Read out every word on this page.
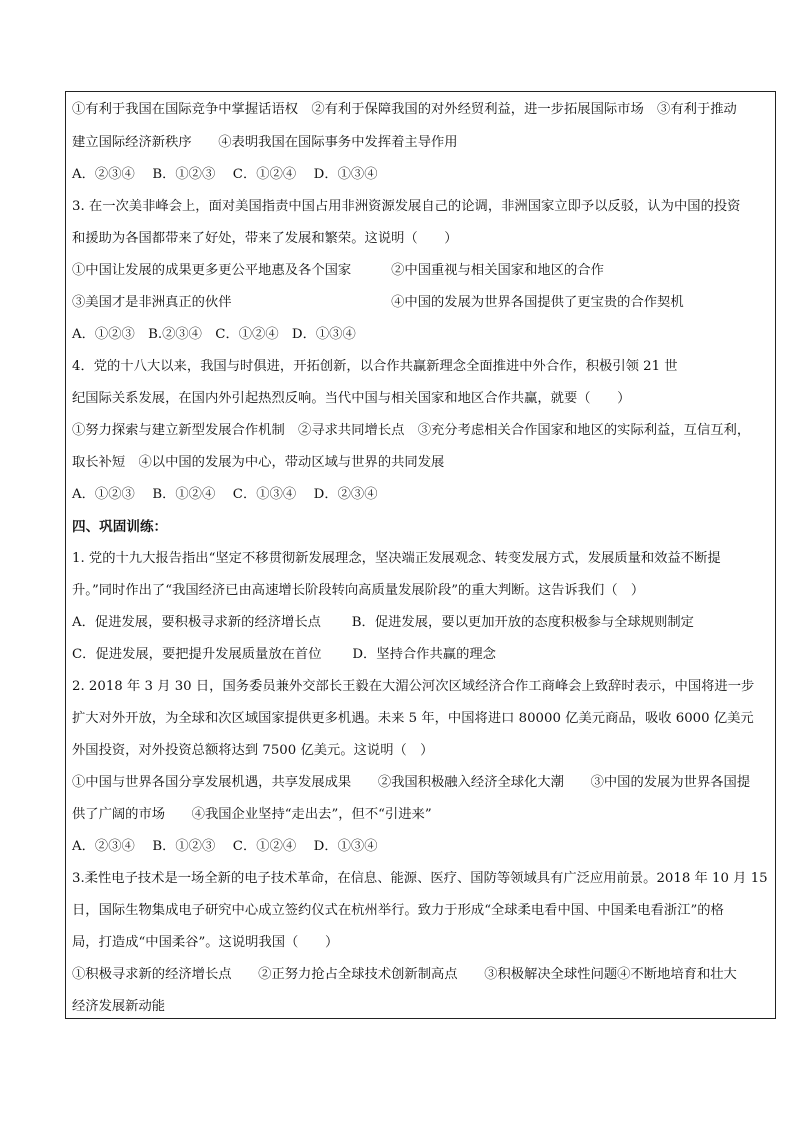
①有利于我国在国际竞争中掌握话语权　②有利于保障我国的对外经贸利益，进一步拓展国际市场　③有利于推动
建立国际经济新秩序　　④表明我国在国际事务中发挥着主导作用
A．②③④　 B．①②③　 C．①②④　 D．①③④
3. 在一次美非峰会上，面对美国指责中国占用非洲资源发展自己的论调，非洲国家立即予以反驳，认为中国的投资
和援助为各国都带来了好处，带来了发展和繁荣。这说明（　　）
①中国让发展的成果更多更公平地惠及各个国家　　　②中国重视与相关国家和地区的合作
③美国才是非洲真正的伙伴　　　　　　　　　　　　④中国的发展为世界各国提供了更宝贵的合作契机
A．①②③　B.②③④　C．①②④　D．①③④
4．党的十八大以来，我国与时俱进，开拓创新，以合作共赢新理念全面推进中外合作，积极引领 21 世
纪国际关系发展，在国内外引起热烈反响。当代中国与相关国家和地区合作共赢，就要（　　）
①努力探索与建立新型发展合作机制　②寻求共同增长点　③充分考虑相关合作国家和地区的实际利益，互信互利，
取长补短　④以中国的发展为中心，带动区域与世界的共同发展
A．①②③　 B．①②④　 C．①③④　 D．②③④
四、巩固训练：
1. 党的十九大报告指出“坚定不移贯彻新发展理念，坚决端正发展观念、转变发展方式，发展质量和效益不断提
升。”同时作出了“我国经济已由高速增长阶段转向高质量发展阶段”的重大判断。这告诉我们（　）
A．促进发展，要积极寻求新的经济增长点　　 B．促进发展，要以更加开放的态度积极参与全球规则制定
C．促进发展，要把提升发展质量放在首位　　 D．坚持合作共赢的理念
2. 2018 年 3 月 30 日，国务委员兼外交部长王毅在大湄公河次区域经济合作工商峰会上致辞时表示，中国将进一步
扩大对外开放，为全球和次区域国家提供更多机遇。未来 5 年，中国将进口 80000 亿美元商品，吸收 6000 亿美元
外国投资，对外投资总额将达到 7500 亿美元。这说明（　）
①中国与世界各国分享发展机遇，共享发展成果　　②我国积极融入经济全球化大潮　　③中国的发展为世界各国提
供了广阔的市场　　④我国企业坚持“走出去”，但不“引进来”
A．②③④　 B．①②③　 C．①②④　 D．①③④
3.柔性电子技术是一场全新的电子技术革命，在信息、能源、医疗、国防等领域具有广泛应用前景。2018 年 10 月 15
日，国际生物集成电子研究中心成立签约仪式在杭州举行。致力于形成“全球柔电看中国、中国柔电看浙江”的格
局，打造成“中国柔谷”。这说明我国（　　）
①积极寻求新的经济增长点　　②正努力抢占全球技术创新制高点　　③积极解决全球性问题④不断地培育和壮大
经济发展新动能
